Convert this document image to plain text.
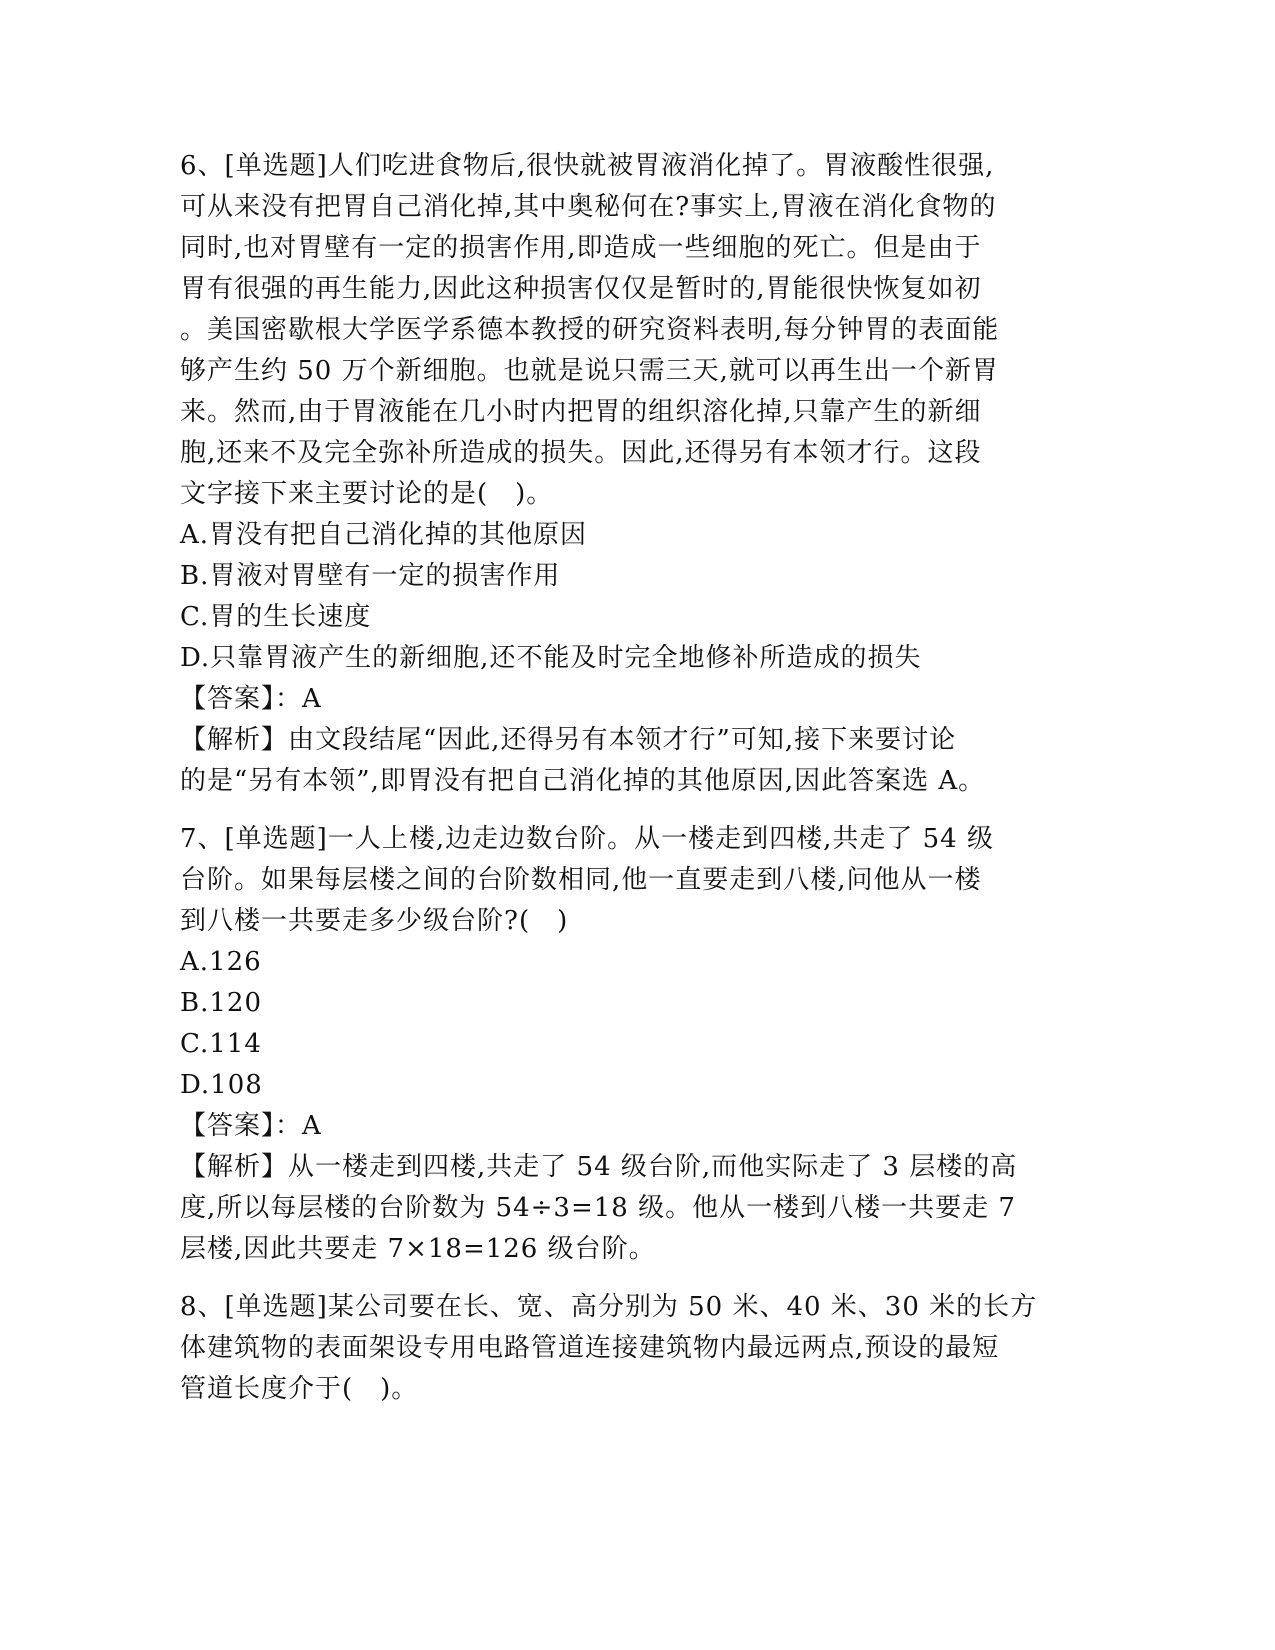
6、[单选题]人们吃进食物后,很快就被胃液消化掉了。胃液酸性很强,
可从来没有把胃自己消化掉,其中奥秘何在?事实上,胃液在消化食物的
同时,也对胃壁有一定的损害作用,即造成一些细胞的死亡。但是由于
胃有很强的再生能力,因此这种损害仅仅是暂时的,胃能很快恢复如初
。美国密歇根大学医学系德本教授的研究资料表明,每分钟胃的表面能
够产生约 50 万个新细胞。也就是说只需三天,就可以再生出一个新胃
来。然而,由于胃液能在几小时内把胃的组织溶化掉,只靠产生的新细
胞,还来不及完全弥补所造成的损失。因此,还得另有本领才行。这段
文字接下来主要讨论的是(　)。
A.胃没有把自己消化掉的其他原因
B.胃液对胃壁有一定的损害作用
C.胃的生长速度
D.只靠胃液产生的新细胞,还不能及时完全地修补所造成的损失
【答案】：A
【解析】由文段结尾“因此,还得另有本领才行”可知,接下来要讨论
的是“另有本领”,即胃没有把自己消化掉的其他原因,因此答案选 A。
7、[单选题]一人上楼,边走边数台阶。从一楼走到四楼,共走了 54 级
台阶。如果每层楼之间的台阶数相同,他一直要走到八楼,问他从一楼
到八楼一共要走多少级台阶?(　)
A.126
B.120
C.114
D.108
【答案】：A
【解析】从一楼走到四楼,共走了 54 级台阶,而他实际走了 3 层楼的高
度,所以每层楼的台阶数为 54÷3=18 级。他从一楼到八楼一共要走 7
层楼,因此共要走 7×18=126 级台阶。
8、[单选题]某公司要在长、宽、高分别为 50 米、40 米、30 米的长方
体建筑物的表面架设专用电路管道连接建筑物内最远两点,预设的最短
管道长度介于(　)。
